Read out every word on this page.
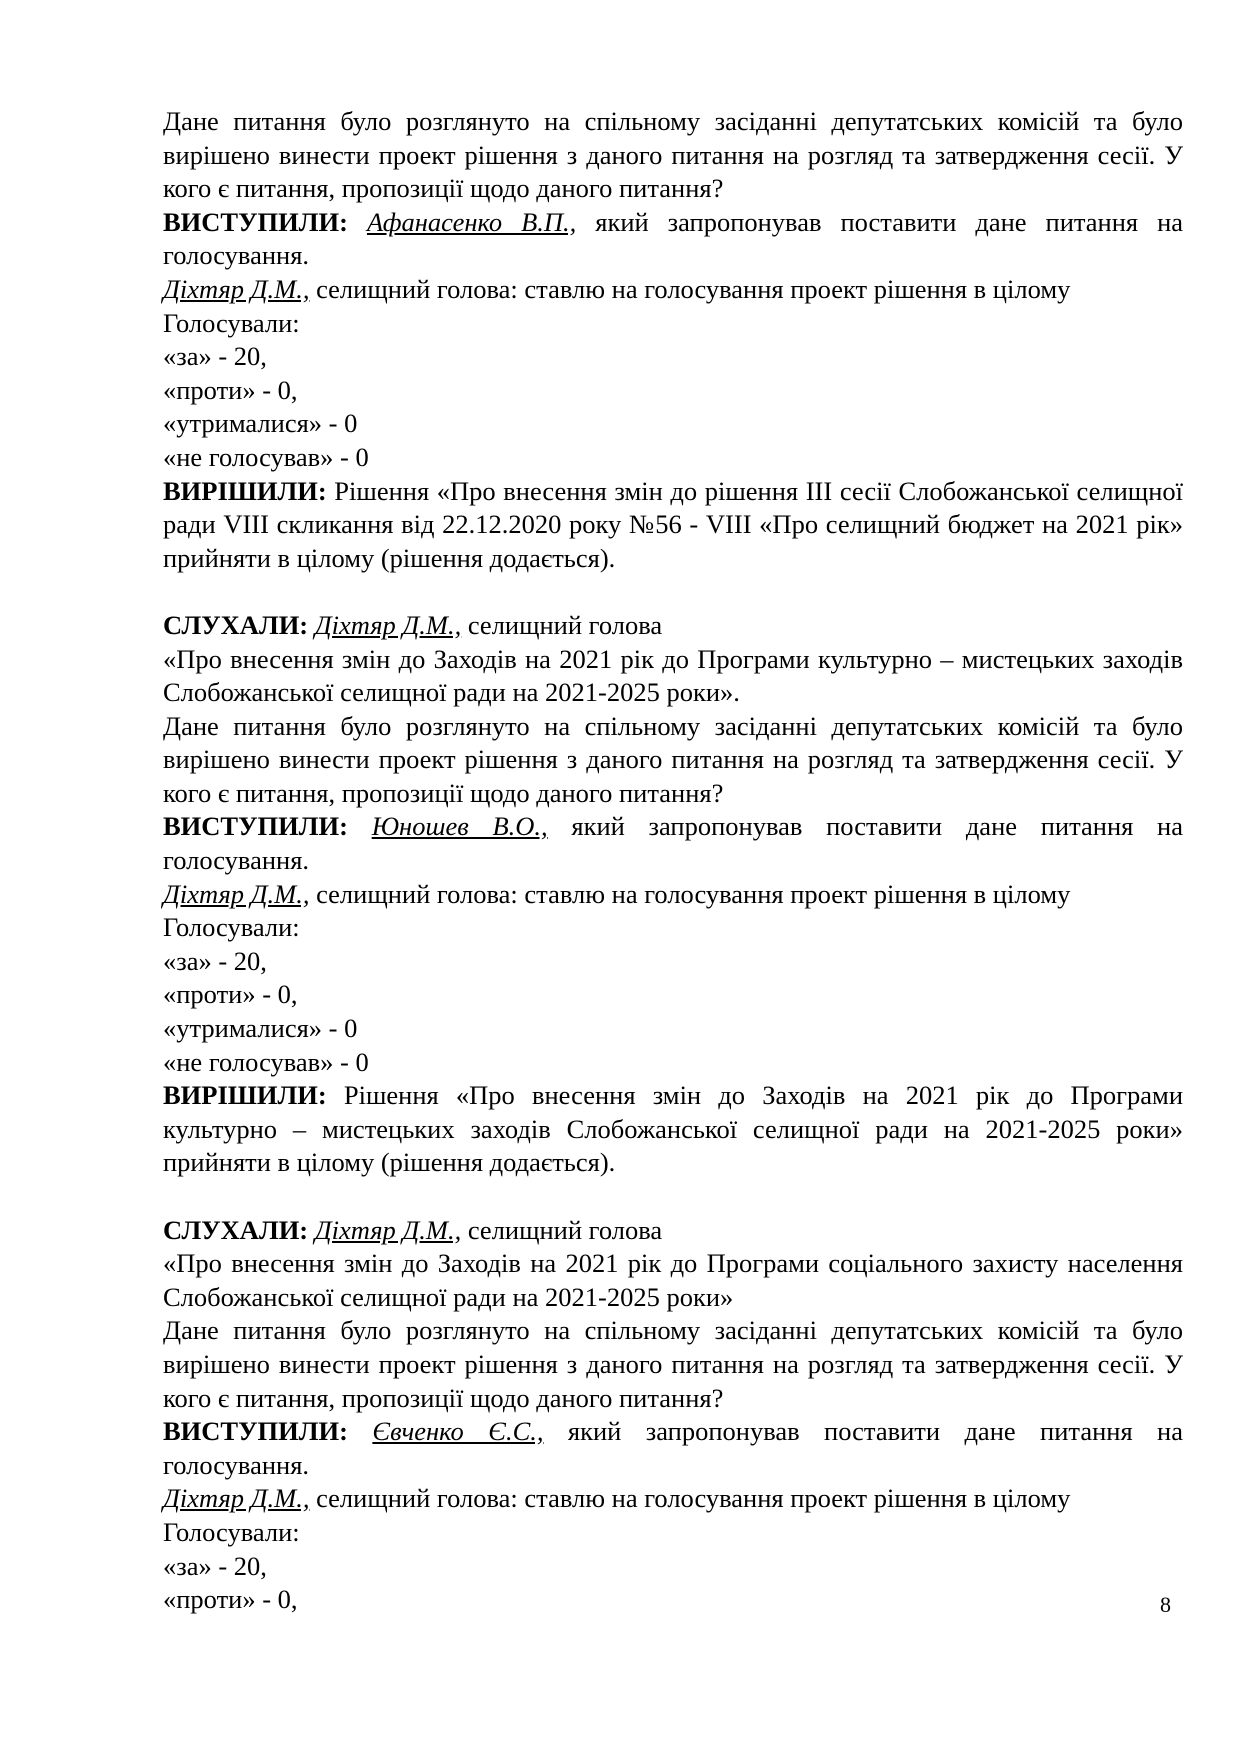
Дане питання було розглянуто на спільному засіданні депутатських комісій та було вирішено винести проект рішення з даного питання на розгляд та затвердження сесії. У кого є питання, пропозиції щодо даного питання?

ВИСТУПИЛИ: Афанасенко В.П., який запропонував поставити дане питання на голосування.

Діхтяр Д.М., селищний голова: ставлю на голосування проект рішення в цілому

Голосували:

«за» - 20,

«проти» - 0,

«утрималися» - 0

«не голосував» - 0

ВИРІШИЛИ: Рішення «Про внесення змін до рішення ІІІ сесії Слобожанської селищної ради VIII скликання від 22.12.2020 року №56 - VIII «Про селищний бюджет на 2021 рік» прийняти в цілому (рішення додається).

СЛУХАЛИ: Діхтяр Д.М., селищний голова

«Про внесення змін до Заходів на 2021 рік до Програми культурно – мистецьких заходів Слобожанської селищної ради на 2021-2025 роки».

Дане питання було розглянуто на спільному засіданні депутатських комісій та було вирішено винести проект рішення з даного питання на розгляд та затвердження сесії. У кого є питання, пропозиції щодо даного питання?

ВИСТУПИЛИ: Юношев В.О., який запропонував поставити дане питання на голосування.

Діхтяр Д.М., селищний голова: ставлю на голосування проект рішення в цілому

Голосували:

«за» - 20,

«проти» - 0,

«утрималися» - 0

«не голосував» - 0

ВИРІШИЛИ: Рішення «Про внесення змін до Заходів на 2021 рік до Програми культурно – мистецьких заходів Слобожанської селищної ради на 2021-2025 роки» прийняти в цілому (рішення додається).

СЛУХАЛИ: Діхтяр Д.М., селищний голова

«Про внесення змін до Заходів на 2021 рік до Програми соціального захисту населення Слобожанської селищної ради на 2021-2025 роки»

Дане питання було розглянуто на спільному засіданні депутатських комісій та було вирішено винести проект рішення з даного питання на розгляд та затвердження сесії. У кого є питання, пропозиції щодо даного питання?

ВИСТУПИЛИ: Євченко Є.С., який запропонував поставити дане питання на голосування.

Діхтяр Д.М., селищний голова: ставлю на голосування проект рішення в цілому

Голосували:

«за» - 20,

«проти» - 0,	8
